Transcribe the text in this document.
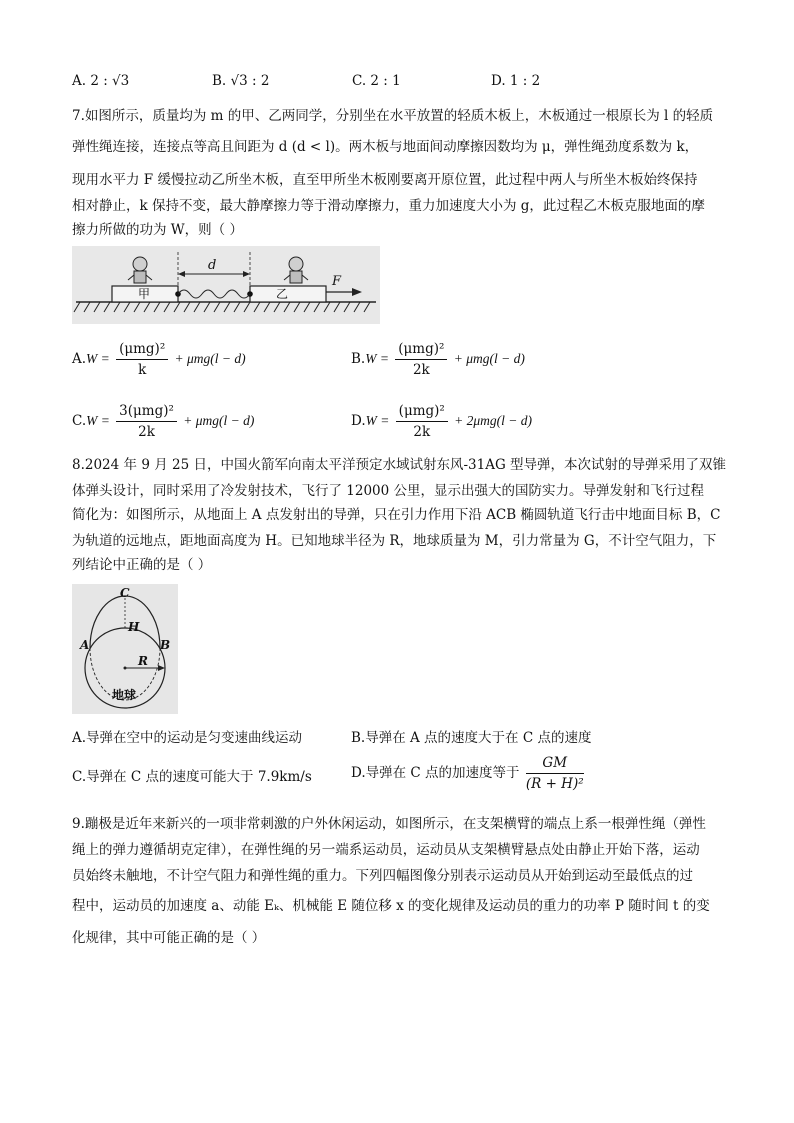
A. 2 : √3	B. √3 : 2	C. 2 : 1	D. 1 : 2
7.如图所示，质量均为 m 的甲、乙两同学，分别坐在水平放置的轻质木板上，木板通过一根原长为 l 的轻质
弹性绳连接，连接点等高且间距为 d (d < l)。两木板与地面间动摩擦因数均为 μ，弹性绳劲度系数为 k，
现用水平力 F 缓慢拉动乙所坐木板，直至甲所坐木板刚要离开原位置，此过程中两人与所坐木板始终保持
相对静止，k 保持不变，最大静摩擦力等于滑动摩擦力，重力加速度大小为 g，此过程乙木板克服地面的摩
擦力所做的功为 W，则（ ）
甲	乙
d
F
$A.W = \frac{\text{(μmg)²}}{k} + \mu mg(l - d)$	$B.W = \frac{\text{(μmg)²}}{2k} + \mu mg(l - d)$
$C.W = \frac{\text{3(μmg)²}}{2k} + \mu mg(l - d)$	$D.W = \frac{\text{(μmg)²}}{2k} + 2\mu mg(l - d)$
8.2024 年 9 月 25 日，中国火箭军向南太平洋预定水域试射东风-31AG 型导弹，本次试射的导弹采用了双锥
体弹头设计，同时采用了冷发射技术，飞行了 12000 公里，显示出强大的国防实力。导弹发射和飞行过程
简化为：如图所示，从地面上 A 点发射出的导弹，只在引力作用下沿 ACB 椭圆轨道飞行击中地面目标 B，C
为轨道的远地点，距地面高度为 H。已知地球半径为 R，地球质量为 M，引力常量为 G，不计空气阻力，下
列结论中正确的是（ ）
C
H
A	B
R
地球
A.导弹在空中的运动是匀变速曲线运动	B.导弹在 A 点的速度大于在 C 点的速度
C.导弹在 C 点的速度可能大于 7.9km/s	D.导弹在 C 点的加速度等于 $\frac{GM}{\text{(R + H)²}}$
9.蹦极是近年来新兴的一项非常刺激的户外休闲运动，如图所示，在支架横臂的端点上系一根弹性绳（弹性
绳上的弹力遵循胡克定律），在弹性绳的另一端系运动员，运动员从支架横臂悬点处由静止开始下落，运动
员始终未触地，不计空气阻力和弹性绳的重力。下列四幅图像分别表示运动员从开始到运动至最低点的过
程中，运动员的加速度 a、动能 Eₖ、机械能 E 随位移 x 的变化规律及运动员的重力的功率 P 随时间 t 的变
化规律，其中可能正确的是（ ）
